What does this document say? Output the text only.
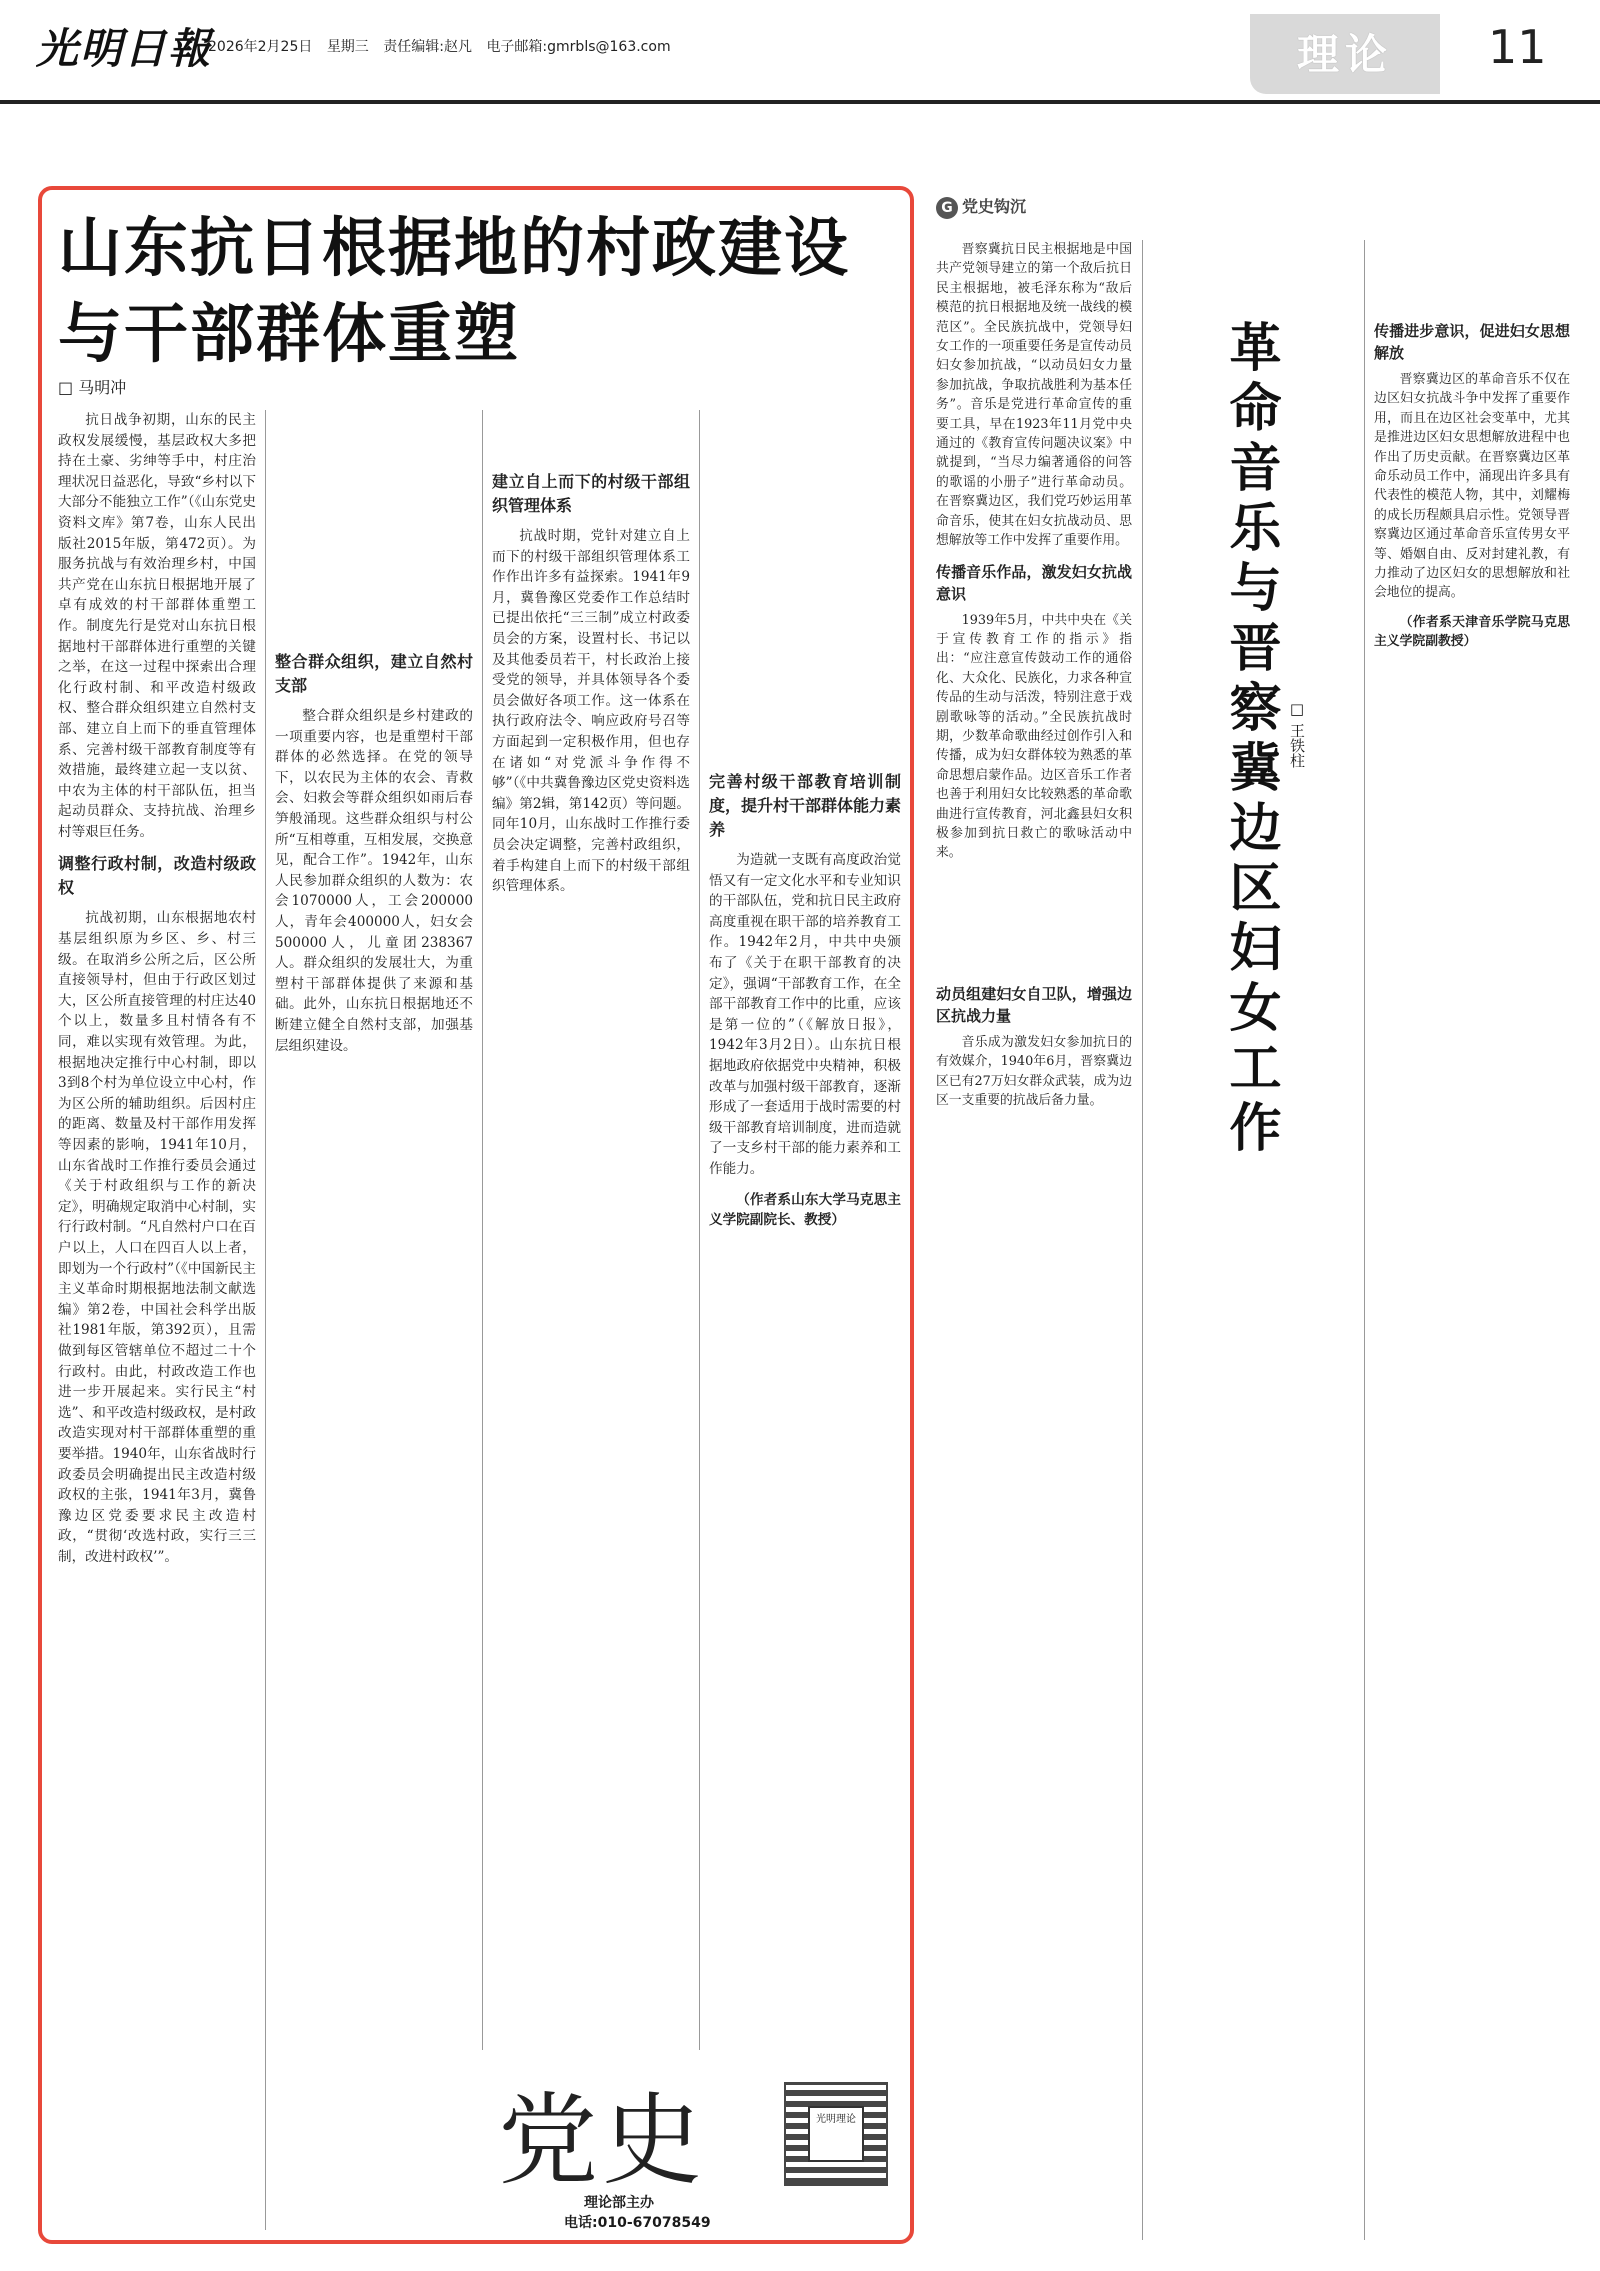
光明日報
2026年2月25日 星期三 责任编辑:赵凡 电子邮箱:gmrbls@163.com	理论	11
山东抗日根据地的村政建设与干部群体重塑
□ 马明冲

抗日战争初期，山东的民主政权发展缓慢，基层政权大多把持在土豪、劣绅等手中，村庄治理状况日益恶化，导致“乡村以下大部分不能独立工作”（《山东党史资料文库》第7卷，山东人民出版社2015年版，第472页）。为服务抗战与有效治理乡村，中国共产党在山东抗日根据地开展了卓有成效的村干部群体重塑工作。制度先行是党对山东抗日根据地村干部群体进行重塑的关键之举，在这一过程中探索出合理化行政村制、和平改造村级政权、整合群众组织建立自然村支部、建立自上而下的垂直管理体系、完善村级干部教育制度等有效措施，最终建立起一支以贫、中农为主体的村干部队伍，担当起动员群众、支持抗战、治理乡村等艰巨任务。

调整行政村制，改造村级政权

抗战初期，山东根据地农村基层组织原为乡区、乡、村三级。在取消乡公所之后，区公所直接领导村，但由于行政区划过大，区公所直接管理的村庄达40个以上，数量多且村情各有不同，难以实现有效管理。为此，根据地决定推行中心村制，即以3到8个村为单位设立中心村，作为区公所的辅助组织。后因村庄的距离、数量及村干部作用发挥等因素的影响，1941年10月，山东省战时工作推行委员会通过《关于村政组织与工作的新决定》，明确规定取消中心村制，实行行政村制。“凡自然村户口在百户以上，人口在四百人以上者，即划为一个行政村”（《中国新民主主义革命时期根据地法制文献选编》第2卷，中国社会科学出版社1981年版，第392页），且需做到每区管辖单位不超过二十个行政村。由此，村政改造工作也进一步开展起来。实行民主“村选”、和平改造村级政权，是村政改造实现对村干部群体重塑的重要举措。1940年，山东省战时行政委员会明确提出民主改造村级政权的主张，1941年3月，冀鲁豫边区党委要求民主改造村政，“贯彻‘改选村政，实行三三制，改进村政权’”。

整合群众组织，建立自然村支部

整合群众组织是乡村建政的一项重要内容，也是重塑村干部群体的必然选择。在党的领导下，以农民为主体的农会、青救会、妇救会等群众组织如雨后春笋般涌现。这些群众组织与村公所“互相尊重，互相发展，交换意见，配合工作”。1942年，山东人民参加群众组织的人数为：农会1070000人，工会200000人，青年会400000人，妇女会500000人，儿童团238367人。群众组织的发展壮大，为重塑村干部群体提供了来源和基础。此外，山东抗日根据地还不断建立健全自然村支部，加强基层组织建设。

建立自上而下的村级干部组织管理体系

抗战时期，党针对建立自上而下的村级干部组织管理体系工作作出许多有益探索。1941年9月，冀鲁豫区党委作工作总结时已提出依托“三三制”成立村政委员会的方案，设置村长、书记以及其他委员若干，村长政治上接受党的领导，并具体领导各个委员会做好各项工作。这一体系在执行政府法令、响应政府号召等方面起到一定积极作用，但也存在诸如“对党派斗争作得不够”（《中共冀鲁豫边区党史资料选编》第2辑，第142页）等问题。同年10月，山东战时工作推行委员会决定调整，完善村政组织，着手构建自上而下的村级干部组织管理体系。

完善村级干部教育培训制度，提升村干部群体能力素养

为造就一支既有高度政治觉悟又有一定文化水平和专业知识的干部队伍，党和抗日民主政府高度重视在职干部的培养教育工作。1942年2月，中共中央颁布了《关于在职干部教育的决定》，强调“干部教育工作，在全部干部教育工作中的比重，应该是第一位的”（《解放日报》，1942年3月2日）。山东抗日根据地政府依据党中央精神，积极改革与加强村级干部教育，逐渐形成了一套适用于战时需要的村级干部教育培训制度，进而造就了一支乡村干部的能力素养和工作能力。

（作者系山东大学马克思主义学院副院长、教授）

党史
理论部主办
电话:010-67078549
光明理论
G 党史钩沉

晋察冀抗日民主根据地是中国共产党领导建立的第一个敌后抗日民主根据地，被毛泽东称为“敌后模范的抗日根据地及统一战线的模范区”。全民族抗战中，党领导妇女工作的一项重要任务是宣传动员妇女参加抗战，“以动员妇女力量参加抗战，争取抗战胜利为基本任务”。音乐是党进行革命宣传的重要工具，早在1923年11月党中央通过的《教育宣传问题决议案》中就提到，“当尽力编著通俗的问答的歌谣的小册子”进行革命动员。在晋察冀边区，我们党巧妙运用革命音乐，使其在妇女抗战动员、思想解放等工作中发挥了重要作用。

传播音乐作品，激发妇女抗战意识

1939年5月，中共中央在《关于宣传教育工作的指示》指出：“应注意宣传鼓动工作的通俗化、大众化、民族化，力求各种宣传品的生动与活泼，特别注意于戏剧歌咏等的活动。”全民族抗战时期，少数革命歌曲经过创作引入和传播，成为妇女群体较为熟悉的革命思想启蒙作品。边区音乐工作者也善于利用妇女比较熟悉的革命歌曲进行宣传教育，河北鑫县妇女积极参加到抗日救亡的歌咏活动中来。

动员组建妇女自卫队，增强边区抗战力量

音乐成为激发妇女参加抗日的有效媒介，1940年6月，晋察冀边区已有27万妇女群众武装，成为边区一支重要的抗战后备力量。	革命音乐与晋察冀边区妇女工作 □ 王铁柱
传播进步意识，促进妇女思想解放

晋察冀边区的革命音乐不仅在边区妇女抗战斗争中发挥了重要作用，而且在边区社会变革中，尤其是推进边区妇女思想解放进程中也作出了历史贡献。在晋察冀边区革命乐动员工作中，涌现出许多具有代表性的模范人物，其中，刘耀梅的成长历程颇具启示性。党领导晋察冀边区通过革命音乐宣传男女平等、婚姻自由、反对封建礼教，有力推动了边区妇女的思想解放和社会地位的提高。

（作者系天津音乐学院马克思主义学院副教授）
